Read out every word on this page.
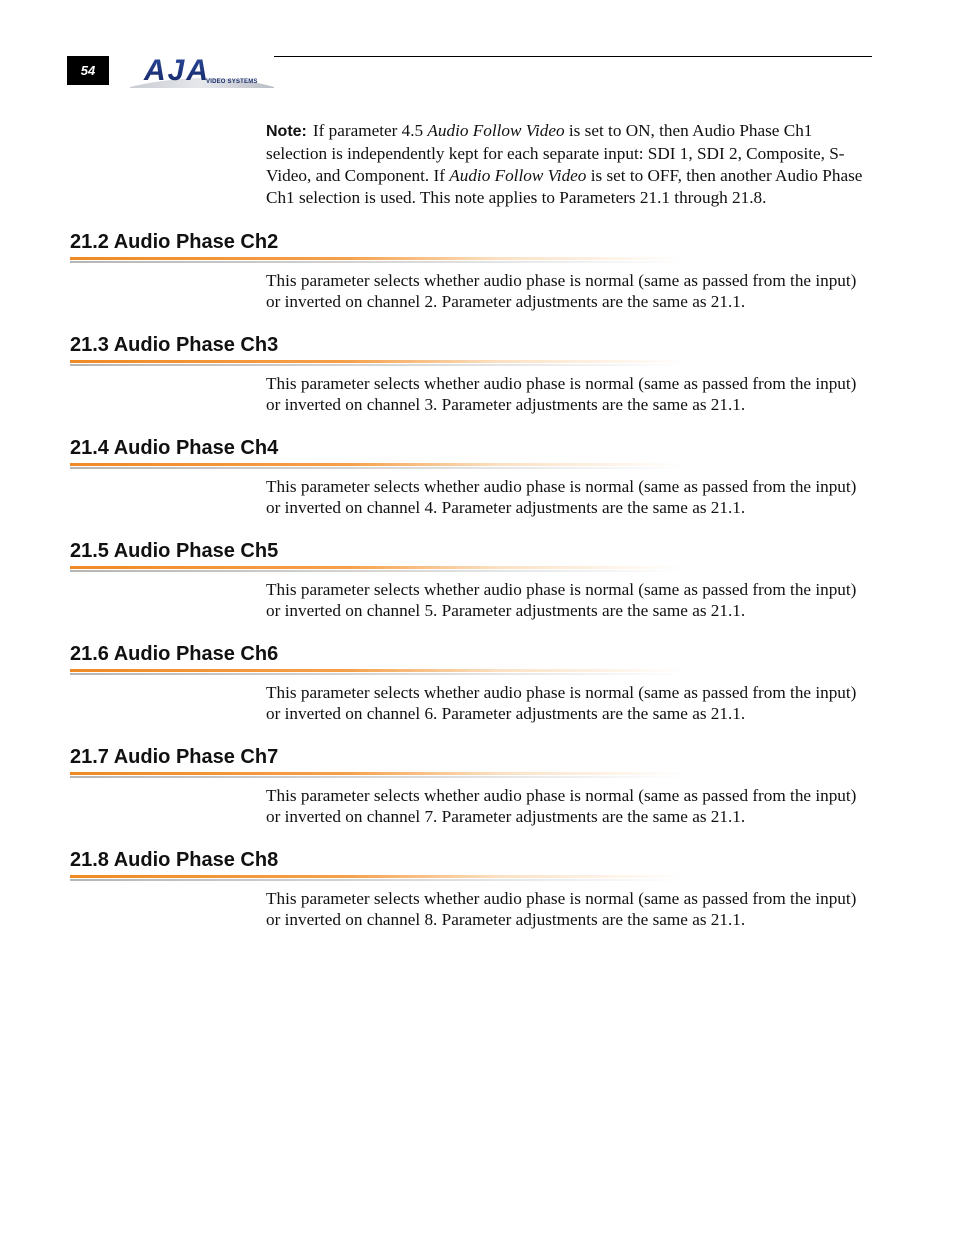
54	AJA
VIDEO SYSTEMS
Note: If parameter 4.5 Audio Follow Video is set to ON, then Audio Phase Ch1 selection is independently kept for each separate input: SDI 1, SDI 2, Composite, S-Video, and Component. If Audio Follow Video is set to OFF, then another Audio Phase Ch1 selection is used. This note applies to Parameters 21.1 through 21.8.
21.2 Audio Phase Ch2

This parameter selects whether audio phase is normal (same as passed from the input) or inverted on channel 2. Parameter adjustments are the same as 21.1.

21.3 Audio Phase Ch3

This parameter selects whether audio phase is normal (same as passed from the input) or inverted on channel 3. Parameter adjustments are the same as 21.1.

21.4 Audio Phase Ch4

This parameter selects whether audio phase is normal (same as passed from the input) or inverted on channel 4. Parameter adjustments are the same as 21.1.

21.5 Audio Phase Ch5

This parameter selects whether audio phase is normal (same as passed from the input) or inverted on channel 5. Parameter adjustments are the same as 21.1.

21.6 Audio Phase Ch6

This parameter selects whether audio phase is normal (same as passed from the input) or inverted on channel 6. Parameter adjustments are the same as 21.1.

21.7 Audio Phase Ch7

This parameter selects whether audio phase is normal (same as passed from the input) or inverted on channel 7. Parameter adjustments are the same as 21.1.

21.8 Audio Phase Ch8

This parameter selects whether audio phase is normal (same as passed from the input) or inverted on channel 8. Parameter adjustments are the same as 21.1.
